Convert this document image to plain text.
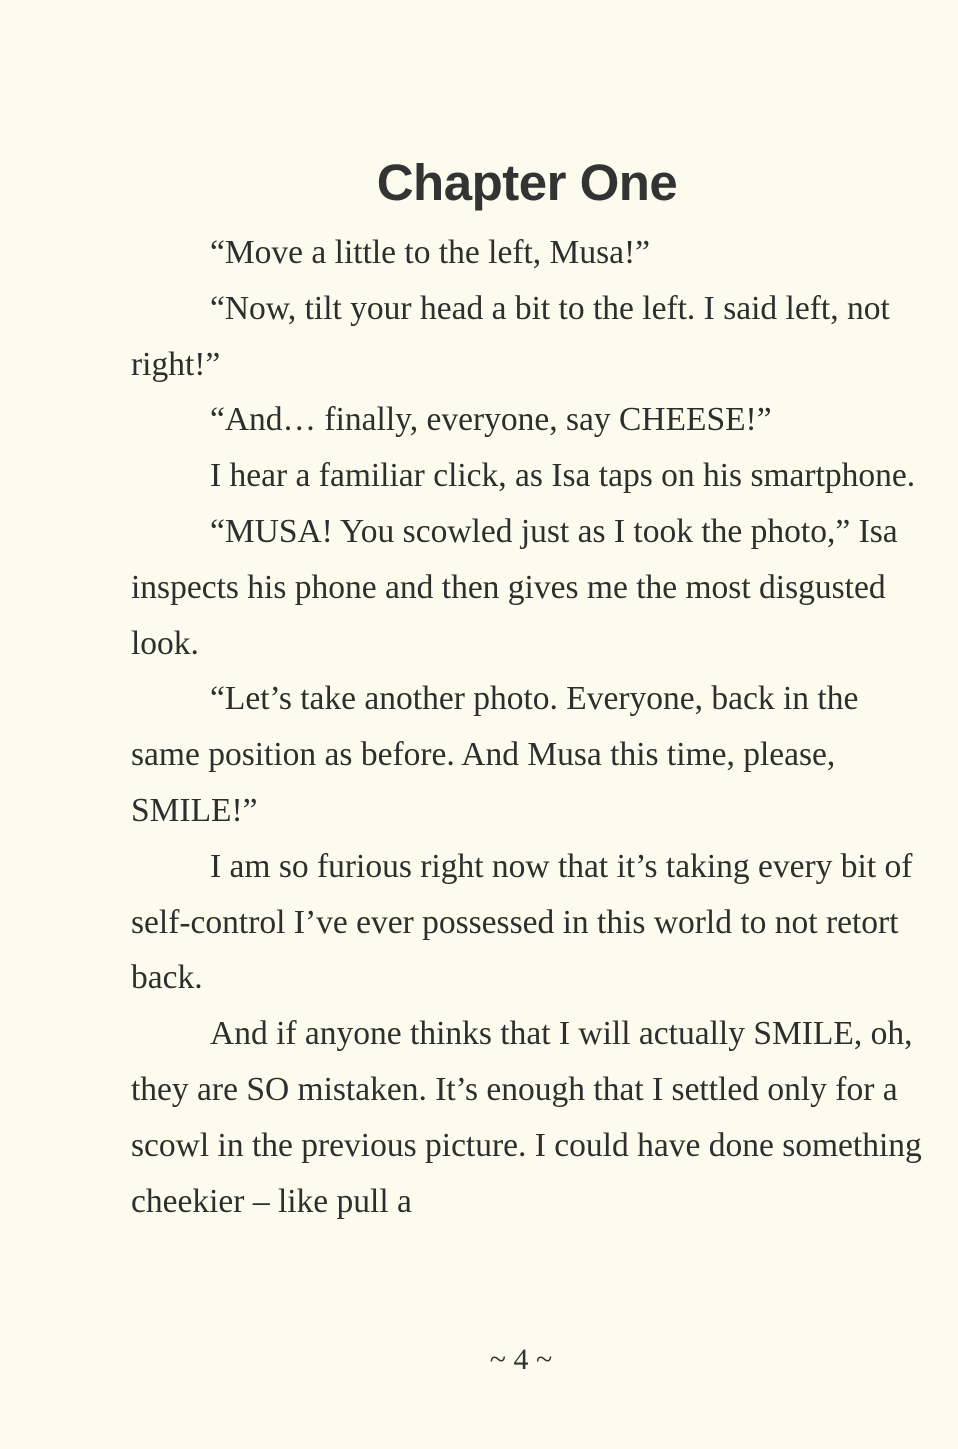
Chapter One

“Move a little to the left, Musa!”

“Now, tilt your head a bit to the left. I said left, not right!”

“And… finally, everyone, say CHEESE!”

I hear a familiar click, as Isa taps on his smartphone.

“MUSA! You scowled just as I took the photo,” Isa inspects his phone and then gives me the most disgusted look.

“Let’s take another photo. Everyone, back in the same position as before. And Musa this time, please, SMILE!”

I am so furious right now that it’s taking every bit of self-control I’ve ever possessed in this world to not retort back.

And if anyone thinks that I will actually SMILE, oh, they are SO mistaken. It’s enough that I settled only for a scowl in the previous picture. I could have done something cheekier – like pull a

~ 4 ~
